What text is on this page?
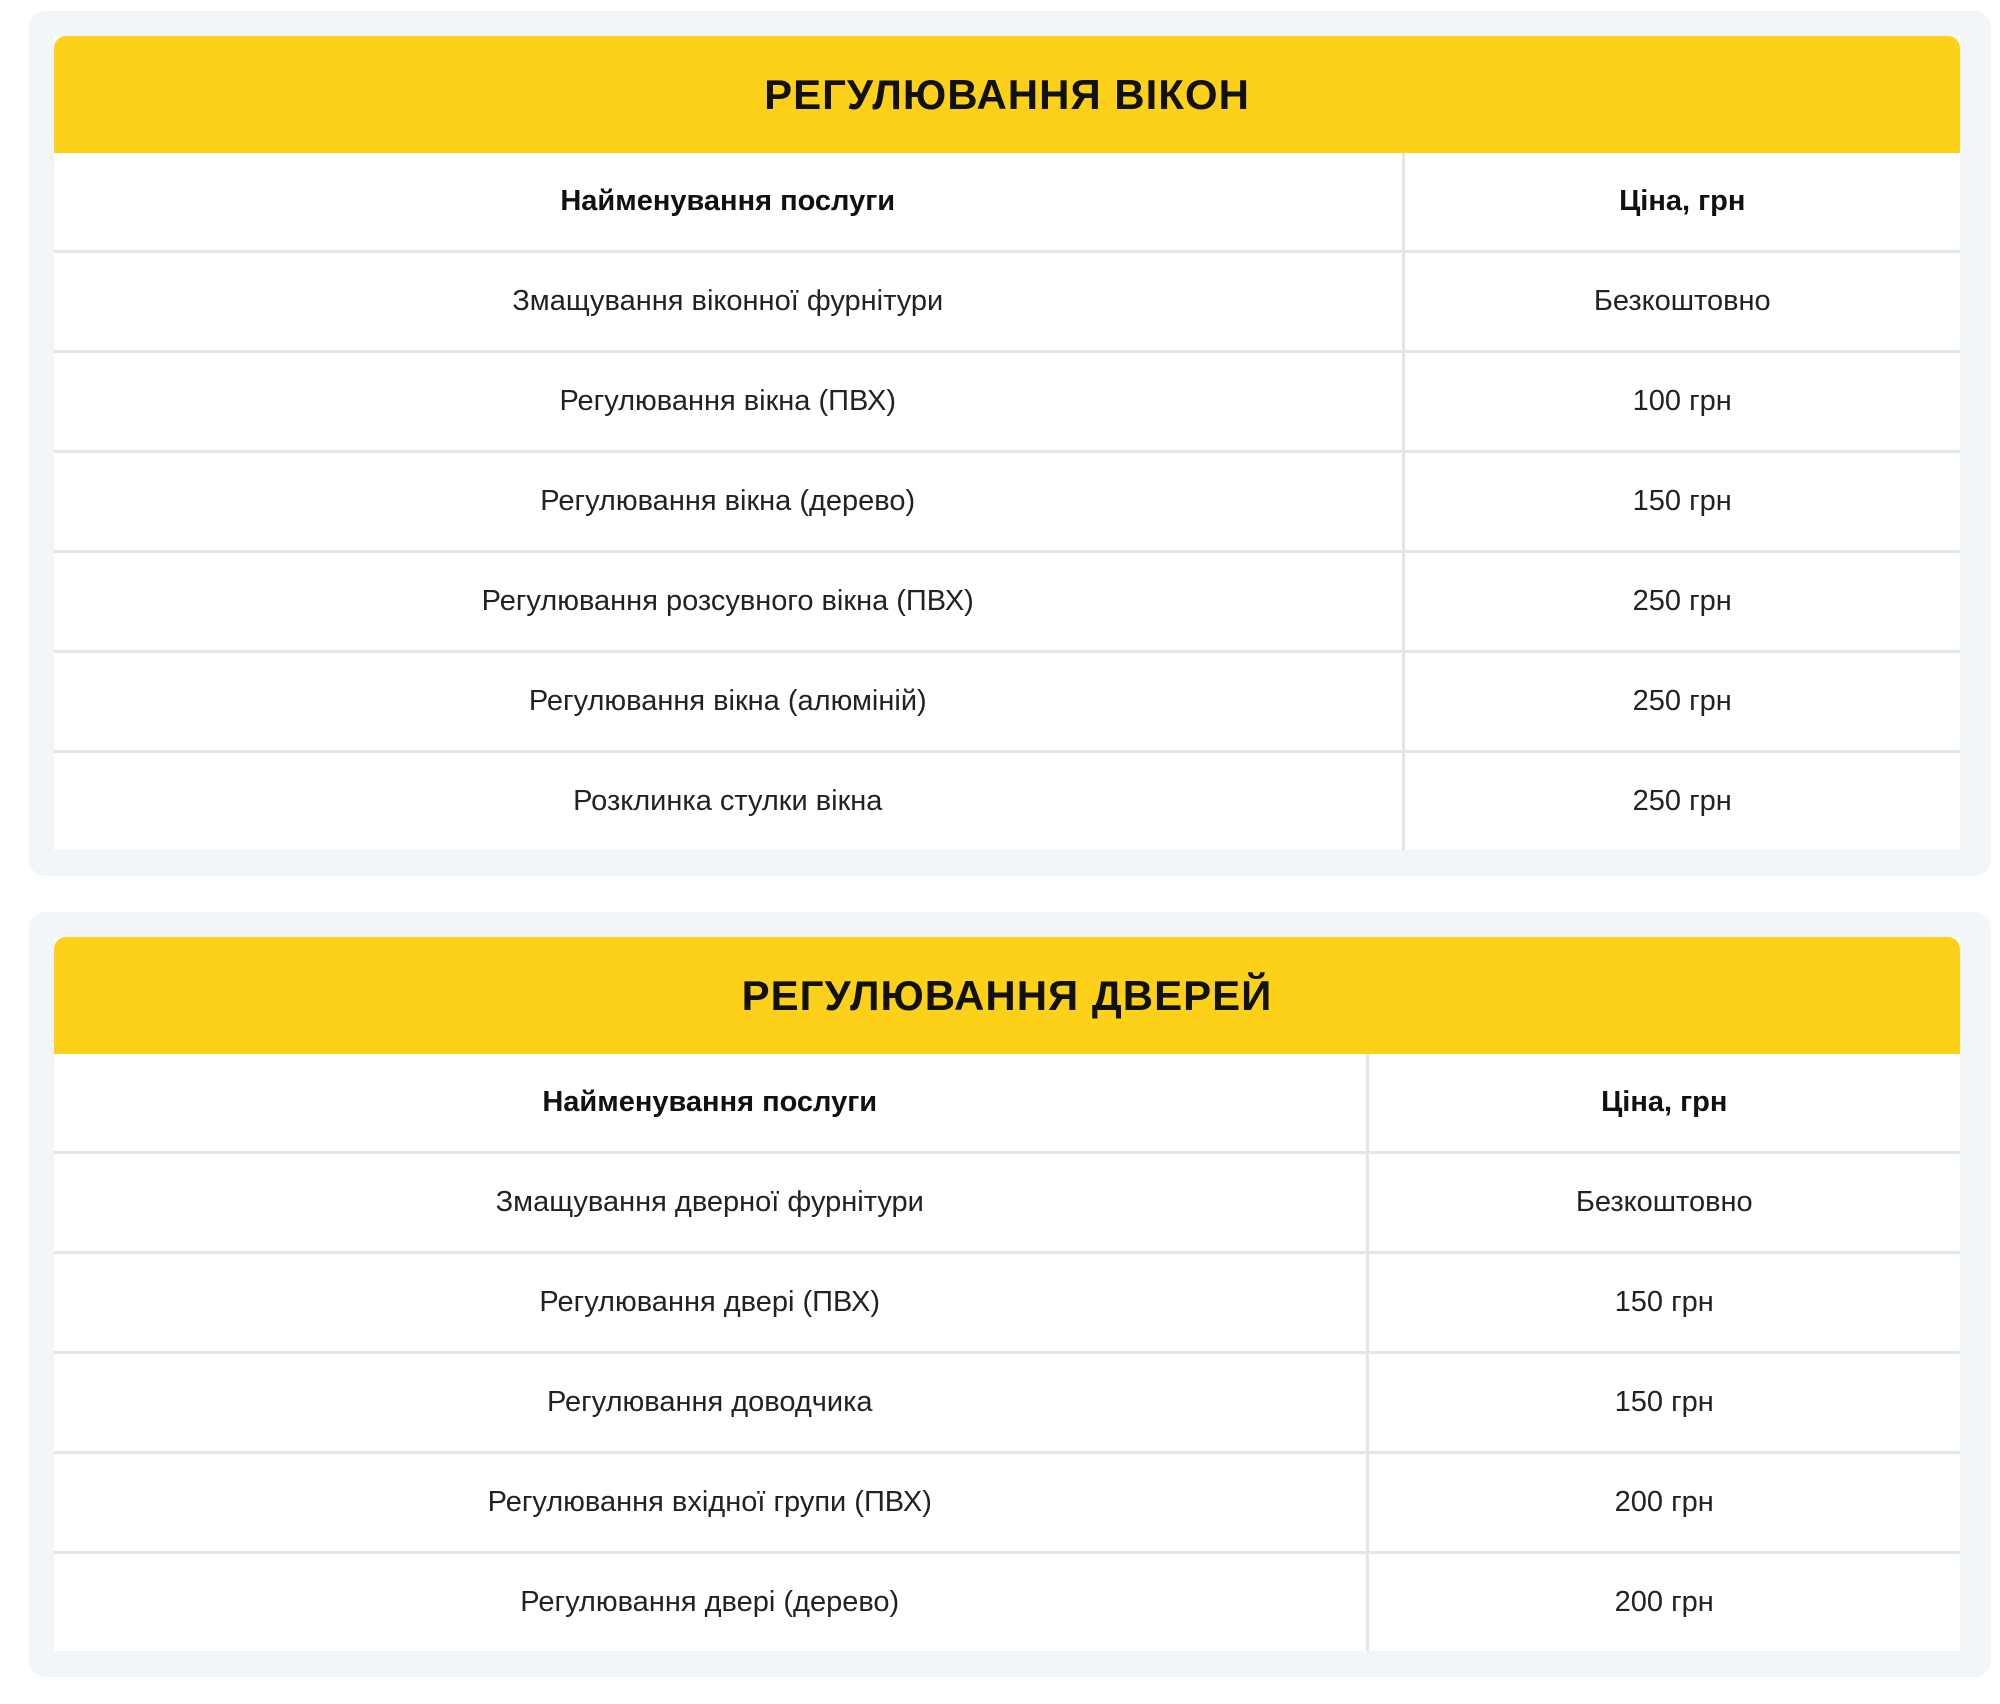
РЕГУЛЮВАННЯ ВІКОН
Найменування послуги	Ціна, грн
Змащування віконної фурнітури	Безкоштовно
Регулювання вікна (ПВХ)	100 грн
Регулювання вікна (дерево)	150 грн
Регулювання розсувного вікна (ПВХ)	250 грн
Регулювання вікна (алюміній)	250 грн
Розклинка стулки вікна	250 грн
РЕГУЛЮВАННЯ ДВЕРЕЙ
Найменування послуги	Ціна, грн
Змащування дверної фурнітури	Безкоштовно
Регулювання двері (ПВХ)	150 грн
Регулювання доводчика	150 грн
Регулювання вхідної групи (ПВХ)	200 грн
Регулювання двері (дерево)	200 грн
